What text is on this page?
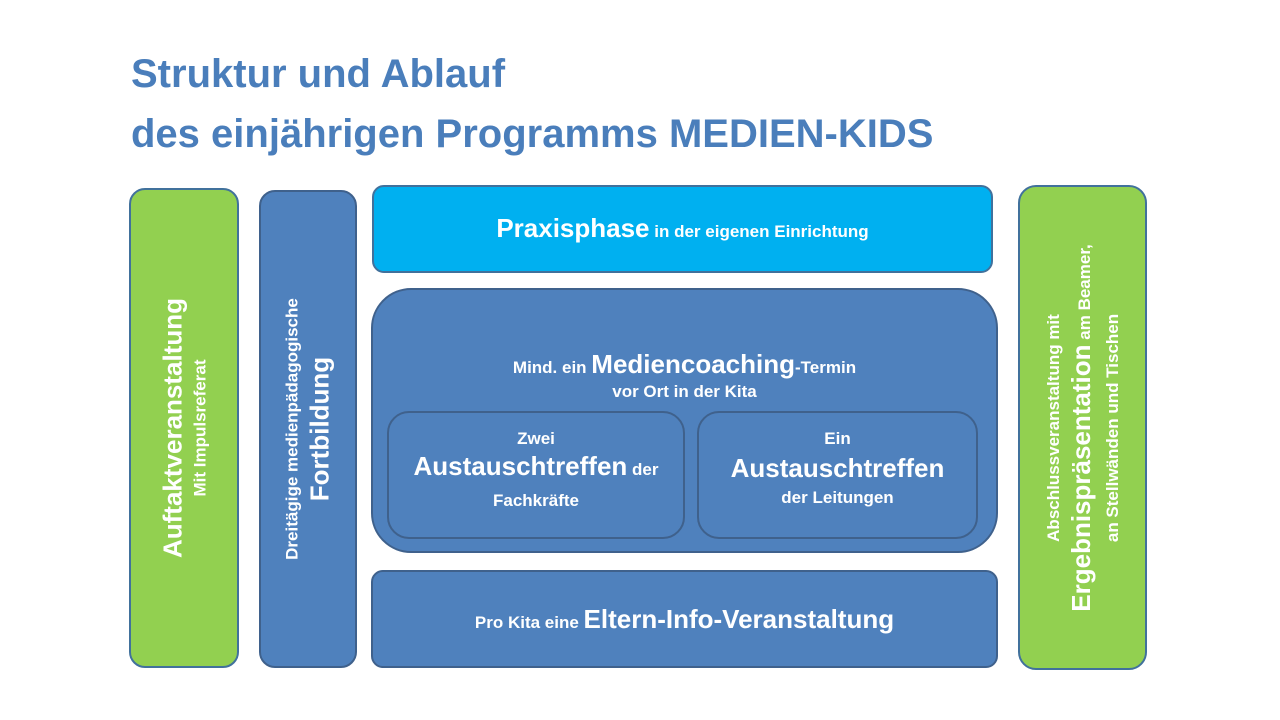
Struktur und Ablauf
des einjährigen Programms MEDIEN-KIDS
Auftaktveranstaltung Mit Impulsreferat	Dreitägige medienpädagogische Fortbildung
Praxisphase in der eigenen Einrichtung
Mind. ein Mediencoaching-Termin
vor Ort in der Kita
Zwei
Austauschtreffen der
Fachkräfte
Ein
Austauschtreffen
der Leitungen
Pro Kita eine Eltern-Info-Veranstaltung
Abschlussveranstaltung mit Ergebnispräsentation am Beamer,
an Stellwänden und Tischen
